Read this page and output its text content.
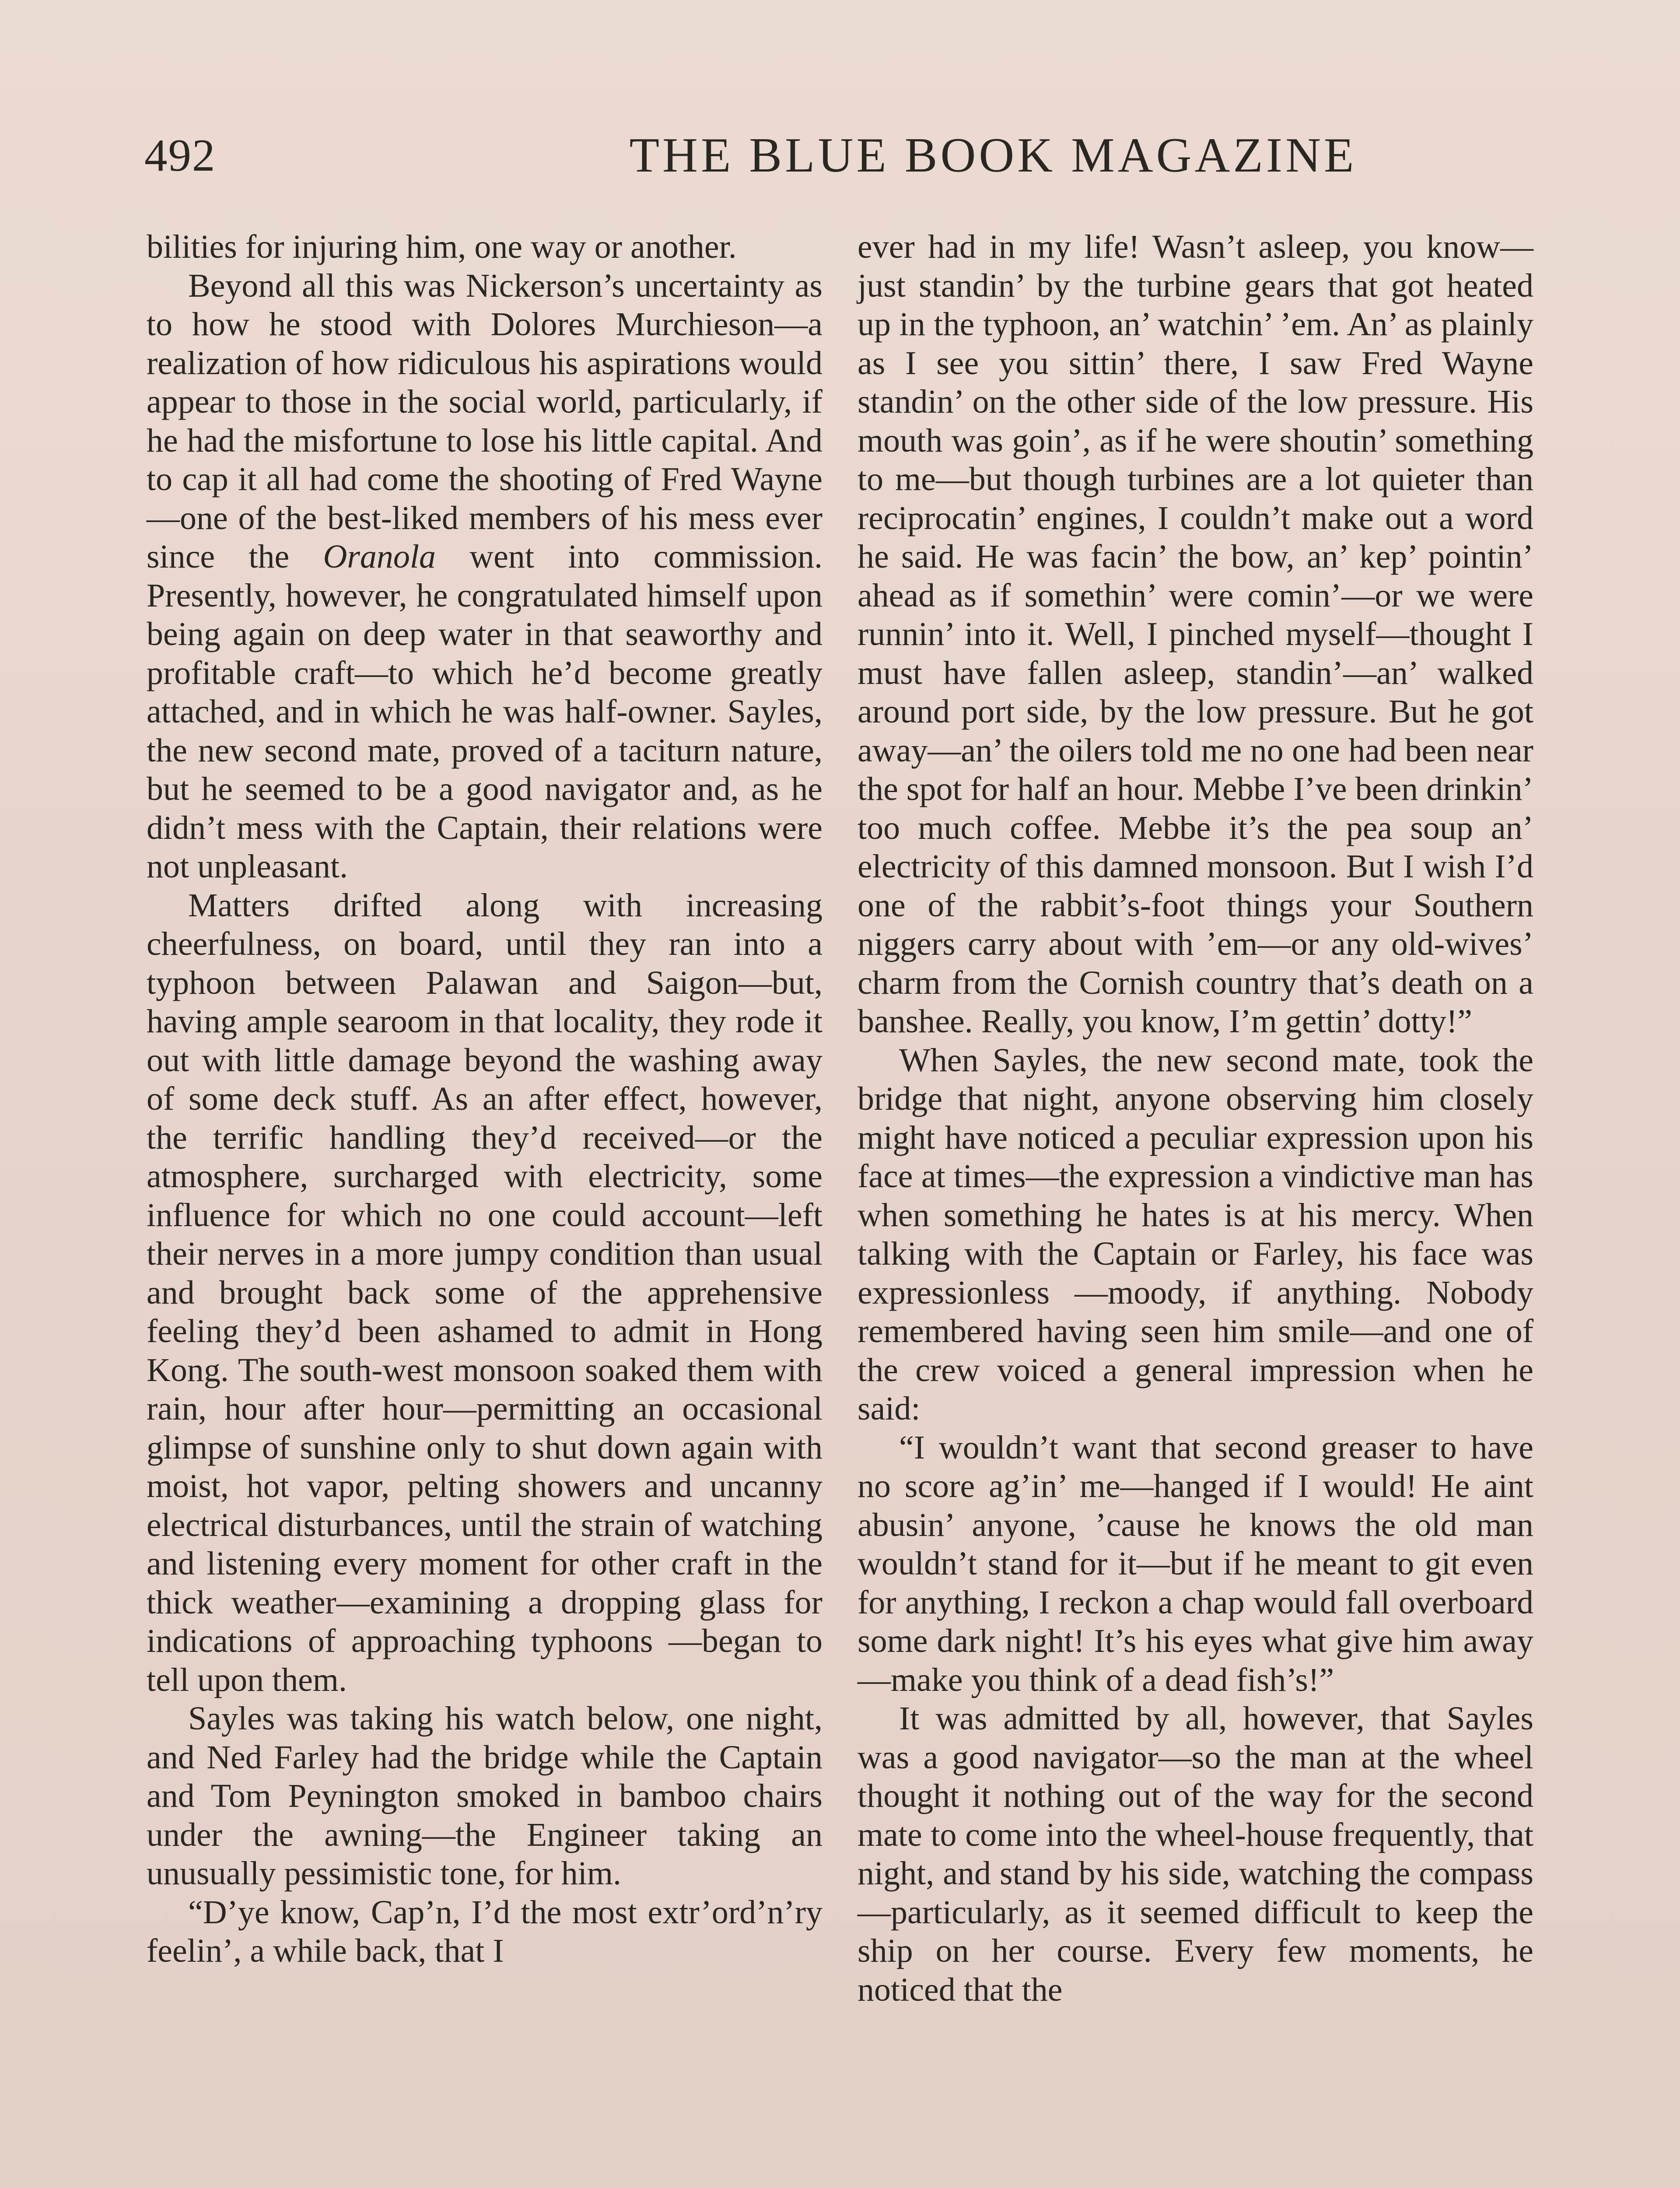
492	THE BLUE BOOK MAGAZINE

bilities for injuring him, one way or another.

Beyond all this was Nickerson’s uncertainty as to how he stood with Dolores Murchieson—a realization of how ridiculous his aspirations would appear to those in the social world, particularly, if he had the misfortune to lose his little capital. And to cap it all had come the shooting of Fred Wayne —one of the best-liked members of his mess ever since the Oranola went into commission. Presently, however, he congratulated himself upon being again on deep water in that seaworthy and profitable craft—to which he’d become greatly attached, and in which he was half-owner. Sayles, the new second mate, proved of a taciturn nature, but he seemed to be a good navigator and, as he didn’t mess with the Captain, their relations were not unpleasant.

Matters drifted along with increasing cheerfulness, on board, until they ran into a typhoon between Palawan and Saigon—but, having ample searoom in that locality, they rode it out with little damage beyond the washing away of some deck stuff. As an after effect, however, the terrific handling they’d received—or the atmosphere, surcharged with electricity, some influence for which no one could account—left their nerves in a more jumpy condition than usual and brought back some of the apprehensive feeling they’d been ashamed to admit in Hong Kong. The south-west monsoon soaked them with rain, hour after hour—permitting an occasional glimpse of sunshine only to shut down again with moist, hot vapor, pelting showers and uncanny electrical disturbances, until the strain of watching and listening every moment for other craft in the thick weather—examining a dropping glass for indications of approaching typhoons —began to tell upon them.

Sayles was taking his watch below, one night, and Ned Farley had the bridge while the Captain and Tom Peynington smoked in bamboo chairs under the awning—the Engineer taking an unusually pessimistic tone, for him.

“D’ye know, Cap’n, I’d the most extr’ord’n’ry feelin’, a while back, that I

ever had in my life! Wasn’t asleep, you know—just standin’ by the turbine gears that got heated up in the typhoon, an’ watchin’ ’em. An’ as plainly as I see you sittin’ there, I saw Fred Wayne standin’ on the other side of the low pressure. His mouth was goin’, as if he were shoutin’ something to me—but though turbines are a lot quieter than reciprocatin’ engines, I couldn’t make out a word he said. He was facin’ the bow, an’ kep’ pointin’ ahead as if somethin’ were comin’—or we were runnin’ into it. Well, I pinched myself—thought I must have fallen asleep, standin’—an’ walked around port side, by the low pressure. But he got away—an’ the oilers told me no one had been near the spot for half an hour. Mebbe I’ve been drinkin’ too much coffee. Mebbe it’s the pea soup an’ electricity of this damned monsoon. But I wish I’d one of the rabbit’s-foot things your Southern niggers carry about with ’em—or any old-wives’ charm from the Cornish country that’s death on a banshee. Really, you know, I’m gettin’ dotty!”

When Sayles, the new second mate, took the bridge that night, anyone observing him closely might have noticed a peculiar expression upon his face at times—the expression a vindictive man has when something he hates is at his mercy. When talking with the Captain or Farley, his face was expressionless —moody, if anything. Nobody remembered having seen him smile—and one of the crew voiced a general impression when he said:

“I wouldn’t want that second greaser to have no score ag’in’ me—hanged if I would! He aint abusin’ anyone, ’cause he knows the old man wouldn’t stand for it—but if he meant to git even for anything, I reckon a chap would fall overboard some dark night! It’s his eyes what give him away—make you think of a dead fish’s!”

It was admitted by all, however, that Sayles was a good navigator—so the man at the wheel thought it nothing out of the way for the second mate to come into the wheel-house frequently, that night, and stand by his side, watching the compass—particularly, as it seemed difficult to keep the ship on her course. Every few moments, he noticed that the
